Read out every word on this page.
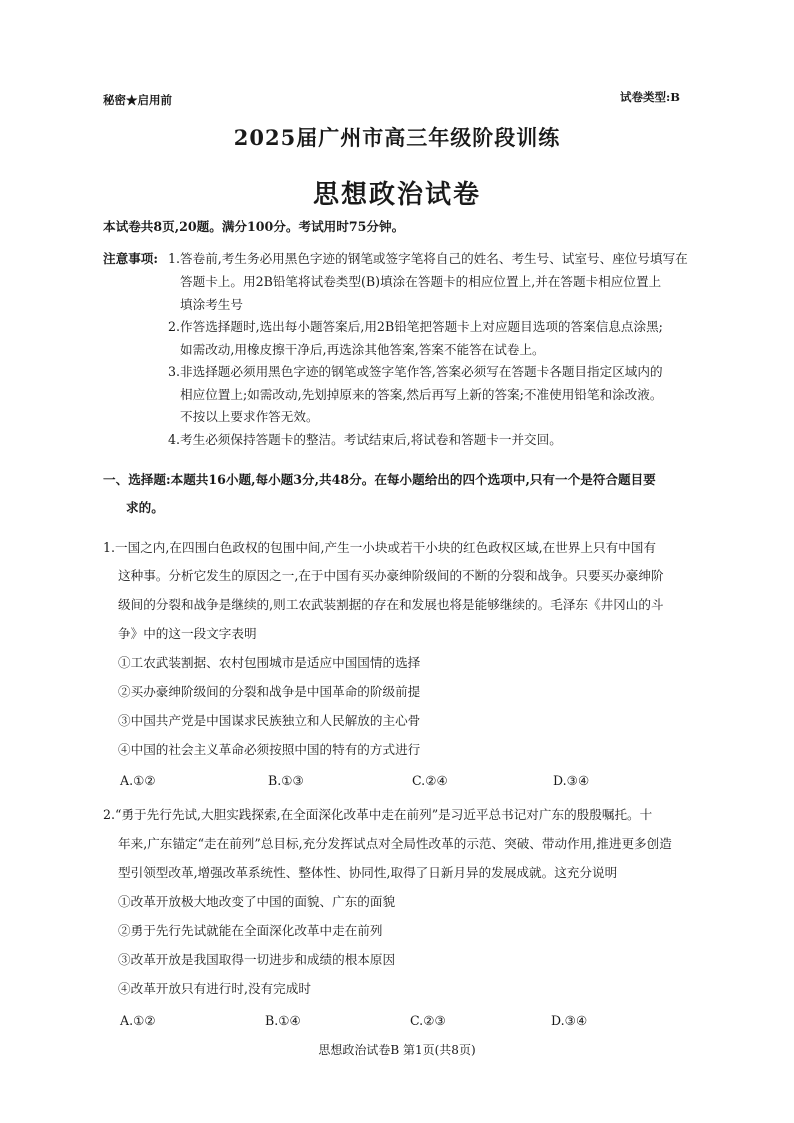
秘密★启用前	试卷类型:B
2025届广州市高三年级阶段训练
思想政治试卷
本试卷共8页,20题。满分100分。考试用时75分钟。
注意事项: 1.答卷前,考生务必用黑色字迹的钢笔或签字笔将自己的姓名、考生号、试室号、座位号填写在
答题卡上。用2B铅笔将试卷类型(B)填涂在答题卡的相应位置上,并在答题卡相应位置上
填涂考生号
2.作答选择题时,选出每小题答案后,用2B铅笔把答题卡上对应题目选项的答案信息点涂黑;
如需改动,用橡皮擦干净后,再选涂其他答案,答案不能答在试卷上。
3.非选择题必须用黑色字迹的钢笔或签字笔作答,答案必须写在答题卡各题目指定区域内的
相应位置上;如需改动,先划掉原来的答案,然后再写上新的答案;不准使用铅笔和涂改液。
不按以上要求作答无效。
4.考生必须保持答题卡的整洁。考试结束后,将试卷和答题卡一并交回。
一、选择题:本题共16小题,每小题3分,共48分。在每小题给出的四个选项中,只有一个是符合题目要
求的。
1.一国之内,在四围白色政权的包围中间,产生一小块或若干小块的红色政权区域,在世界上只有中国有
这种事。分析它发生的原因之一,在于中国有买办豪绅阶级间的不断的分裂和战争。只要买办豪绅阶
级间的分裂和战争是继续的,则工农武装割据的存在和发展也将是能够继续的。毛泽东《井冈山的斗
争》中的这一段文字表明
①工农武装割据、农村包围城市是适应中国国情的选择
②买办豪绅阶级间的分裂和战争是中国革命的阶级前提
③中国共产党是中国谋求民族独立和人民解放的主心骨
④中国的社会主义革命必须按照中国的特有的方式进行
A.①②	B.①③	C.②④	D.③④
2.“勇于先行先试,大胆实践探索,在全面深化改革中走在前列”是习近平总书记对广东的殷殷嘱托。十
年来,广东锚定“走在前列”总目标,充分发挥试点对全局性改革的示范、突破、带动作用,推进更多创造
型引领型改革,增强改革系统性、整体性、协同性,取得了日新月异的发展成就。这充分说明
①改革开放极大地改变了中国的面貌、广东的面貌
②勇于先行先试就能在全面深化改革中走在前列
③改革开放是我国取得一切进步和成绩的根本原因
④改革开放只有进行时,没有完成时
A.①②	B.①④	C.②③	D.③④
思想政治试卷B 第1页(共8页)
